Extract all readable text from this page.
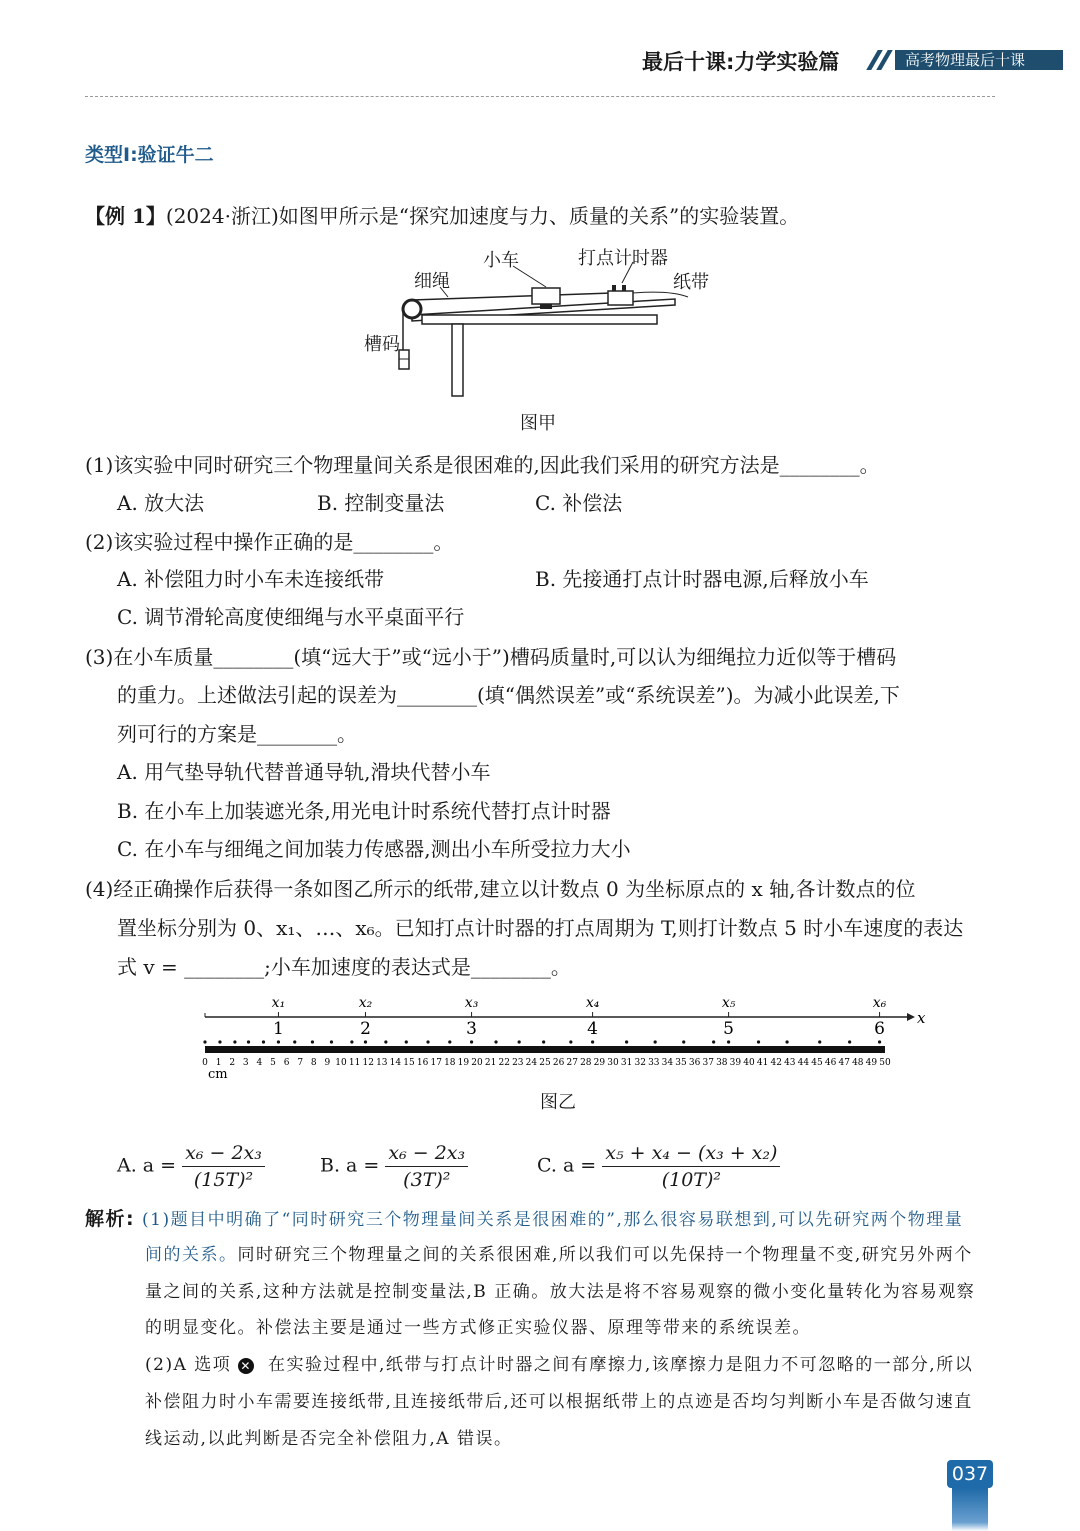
最后十课:力学实验篇	高考物理最后十课
类型Ⅰ:验证牛二
【例 1】(2024·浙江)如图甲所示是“探究加速度与力、质量的关系”的实验装置。
细绳
小车	打点计时器
纸带
槽码
图甲
(1)该实验中同时研究三个物理量间关系是很困难的,因此我们采用的研究方法是________。
A. 放大法	B. 控制变量法	C. 补偿法
(2)该实验过程中操作正确的是________。
A. 补偿阻力时小车未连接纸带	B. 先接通打点计时器电源,后释放小车
C. 调节滑轮高度使细绳与水平桌面平行
(3)在小车质量________(填“远大于”或“远小于”)槽码质量时,可以认为细绳拉力近似等于槽码
的重力。上述做法引起的误差为________(填“偶然误差”或“系统误差”)。为减小此误差,下
列可行的方案是________。
A. 用气垫导轨代替普通导轨,滑块代替小车
B. 在小车上加装遮光条,用光电计时系统代替打点计时器
C. 在小车与细绳之间加装力传感器,测出小车所受拉力大小
(4)经正确操作后获得一条如图乙所示的纸带,建立以计数点 0 为坐标原点的 x 轴,各计数点的位
置坐标分别为 0、x₁、…、x₆。已知打点计时器的打点周期为 T,则打计数点 5 时小车速度的表达
式 v = ________;小车加速度的表达式是________。
x
x₁
1
x₂
2
x₃
3
x₄
4
x₅
5
x₆
6
0 1 2 3 4 5 6 7 8 9 10 11 12 13 14 15 16 17 18 19 20 21 22 23 24 25 26 27 28 29 30 31 32 33 34 35 36 37 38 39 40 41 42 43 44 45 46 47 48 49 50
cm
图乙
A. $a = \frac{\text{x₆ − 2x₃}}{\text{(15T)²}}$	B. $a = \frac{\text{x₆ − 2x₃}}{\text{(3T)²}}$	C. $a = \frac{\text{x₅ + x₄ − (x₃ + x₂)}}{\text{(10T)²}}$
解析: (1)题目中明确了“同时研究三个物理量间关系是很困难的”,那么很容易联想到,可以先研究两个物理量
间的关系。同时研究三个物理量之间的关系很困难,所以我们可以先保持一个物理量不变,研究另外两个
量之间的关系,这种方法就是控制变量法,B 正确。放大法是将不容易观察的微小变化量转化为容易观察
的明显变化。补偿法主要是通过一些方式修正实验仪器、原理等带来的系统误差。
(2)A 选项 ✕ 在实验过程中,纸带与打点计时器之间有摩擦力,该摩擦力是阻力不可忽略的一部分,所以
补偿阻力时小车需要连接纸带,且连接纸带后,还可以根据纸带上的点迹是否均匀判断小车是否做匀速直
线运动,以此判断是否完全补偿阻力,A 错误。
037
